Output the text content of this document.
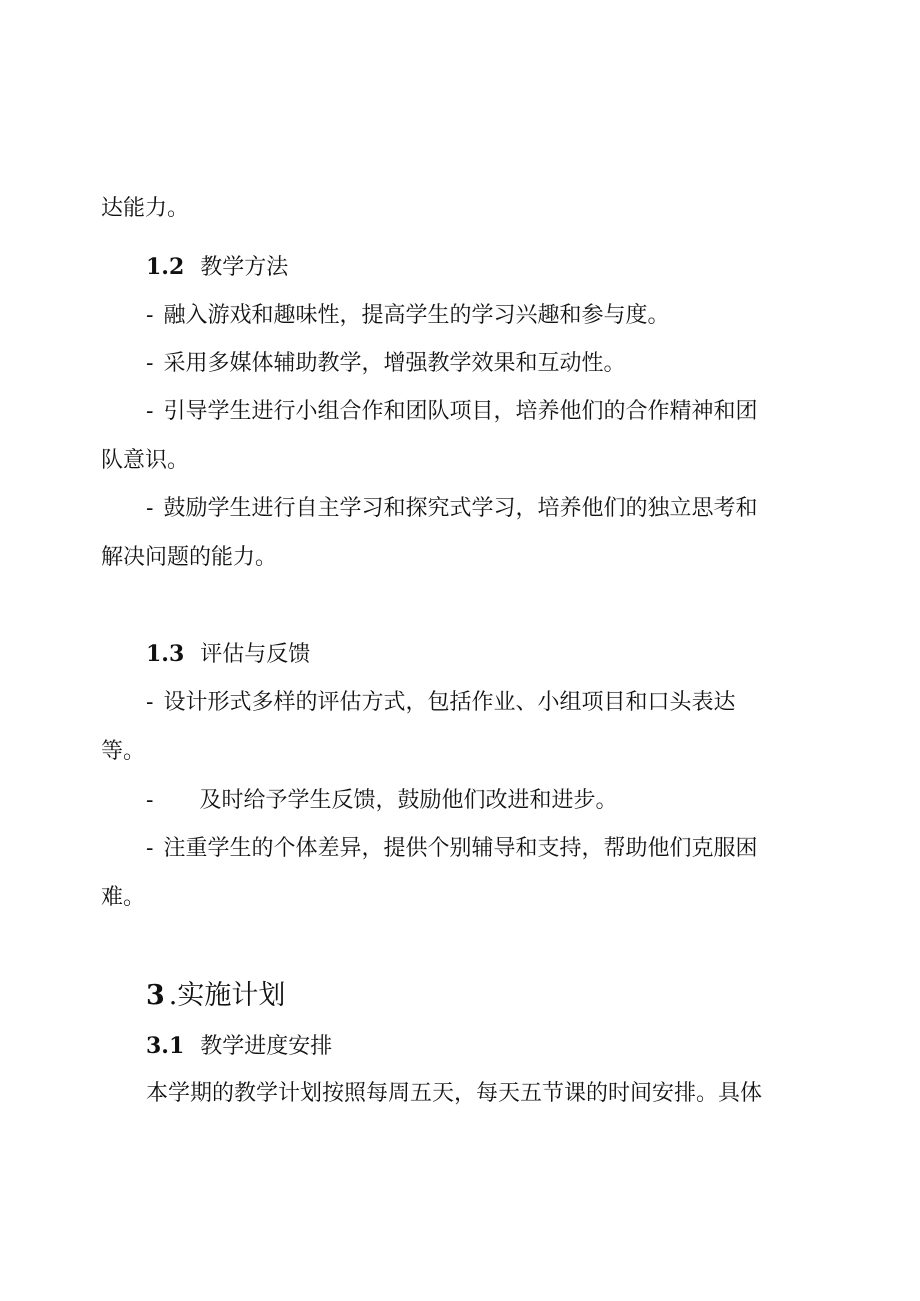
达能力。
1.2 教学方法
- 融入游戏和趣味性，提高学生的学习兴趣和参与度。
- 采用多媒体辅助教学，增强教学效果和互动性。
- 引导学生进行小组合作和团队项目，培养他们的合作精神和团
队意识。
- 鼓励学生进行自主学习和探究式学习，培养他们的独立思考和
解决问题的能力。
1.3 评估与反馈
- 设计形式多样的评估方式，包括作业、小组项目和口头表达
等。
- 及时给予学生反馈，鼓励他们改进和进步。
- 注重学生的个体差异，提供个别辅导和支持，帮助他们克服困
难。
3 .实施计划
3.1 教学进度安排
本学期的教学计划按照每周五天，每天五节课的时间安排。具体
